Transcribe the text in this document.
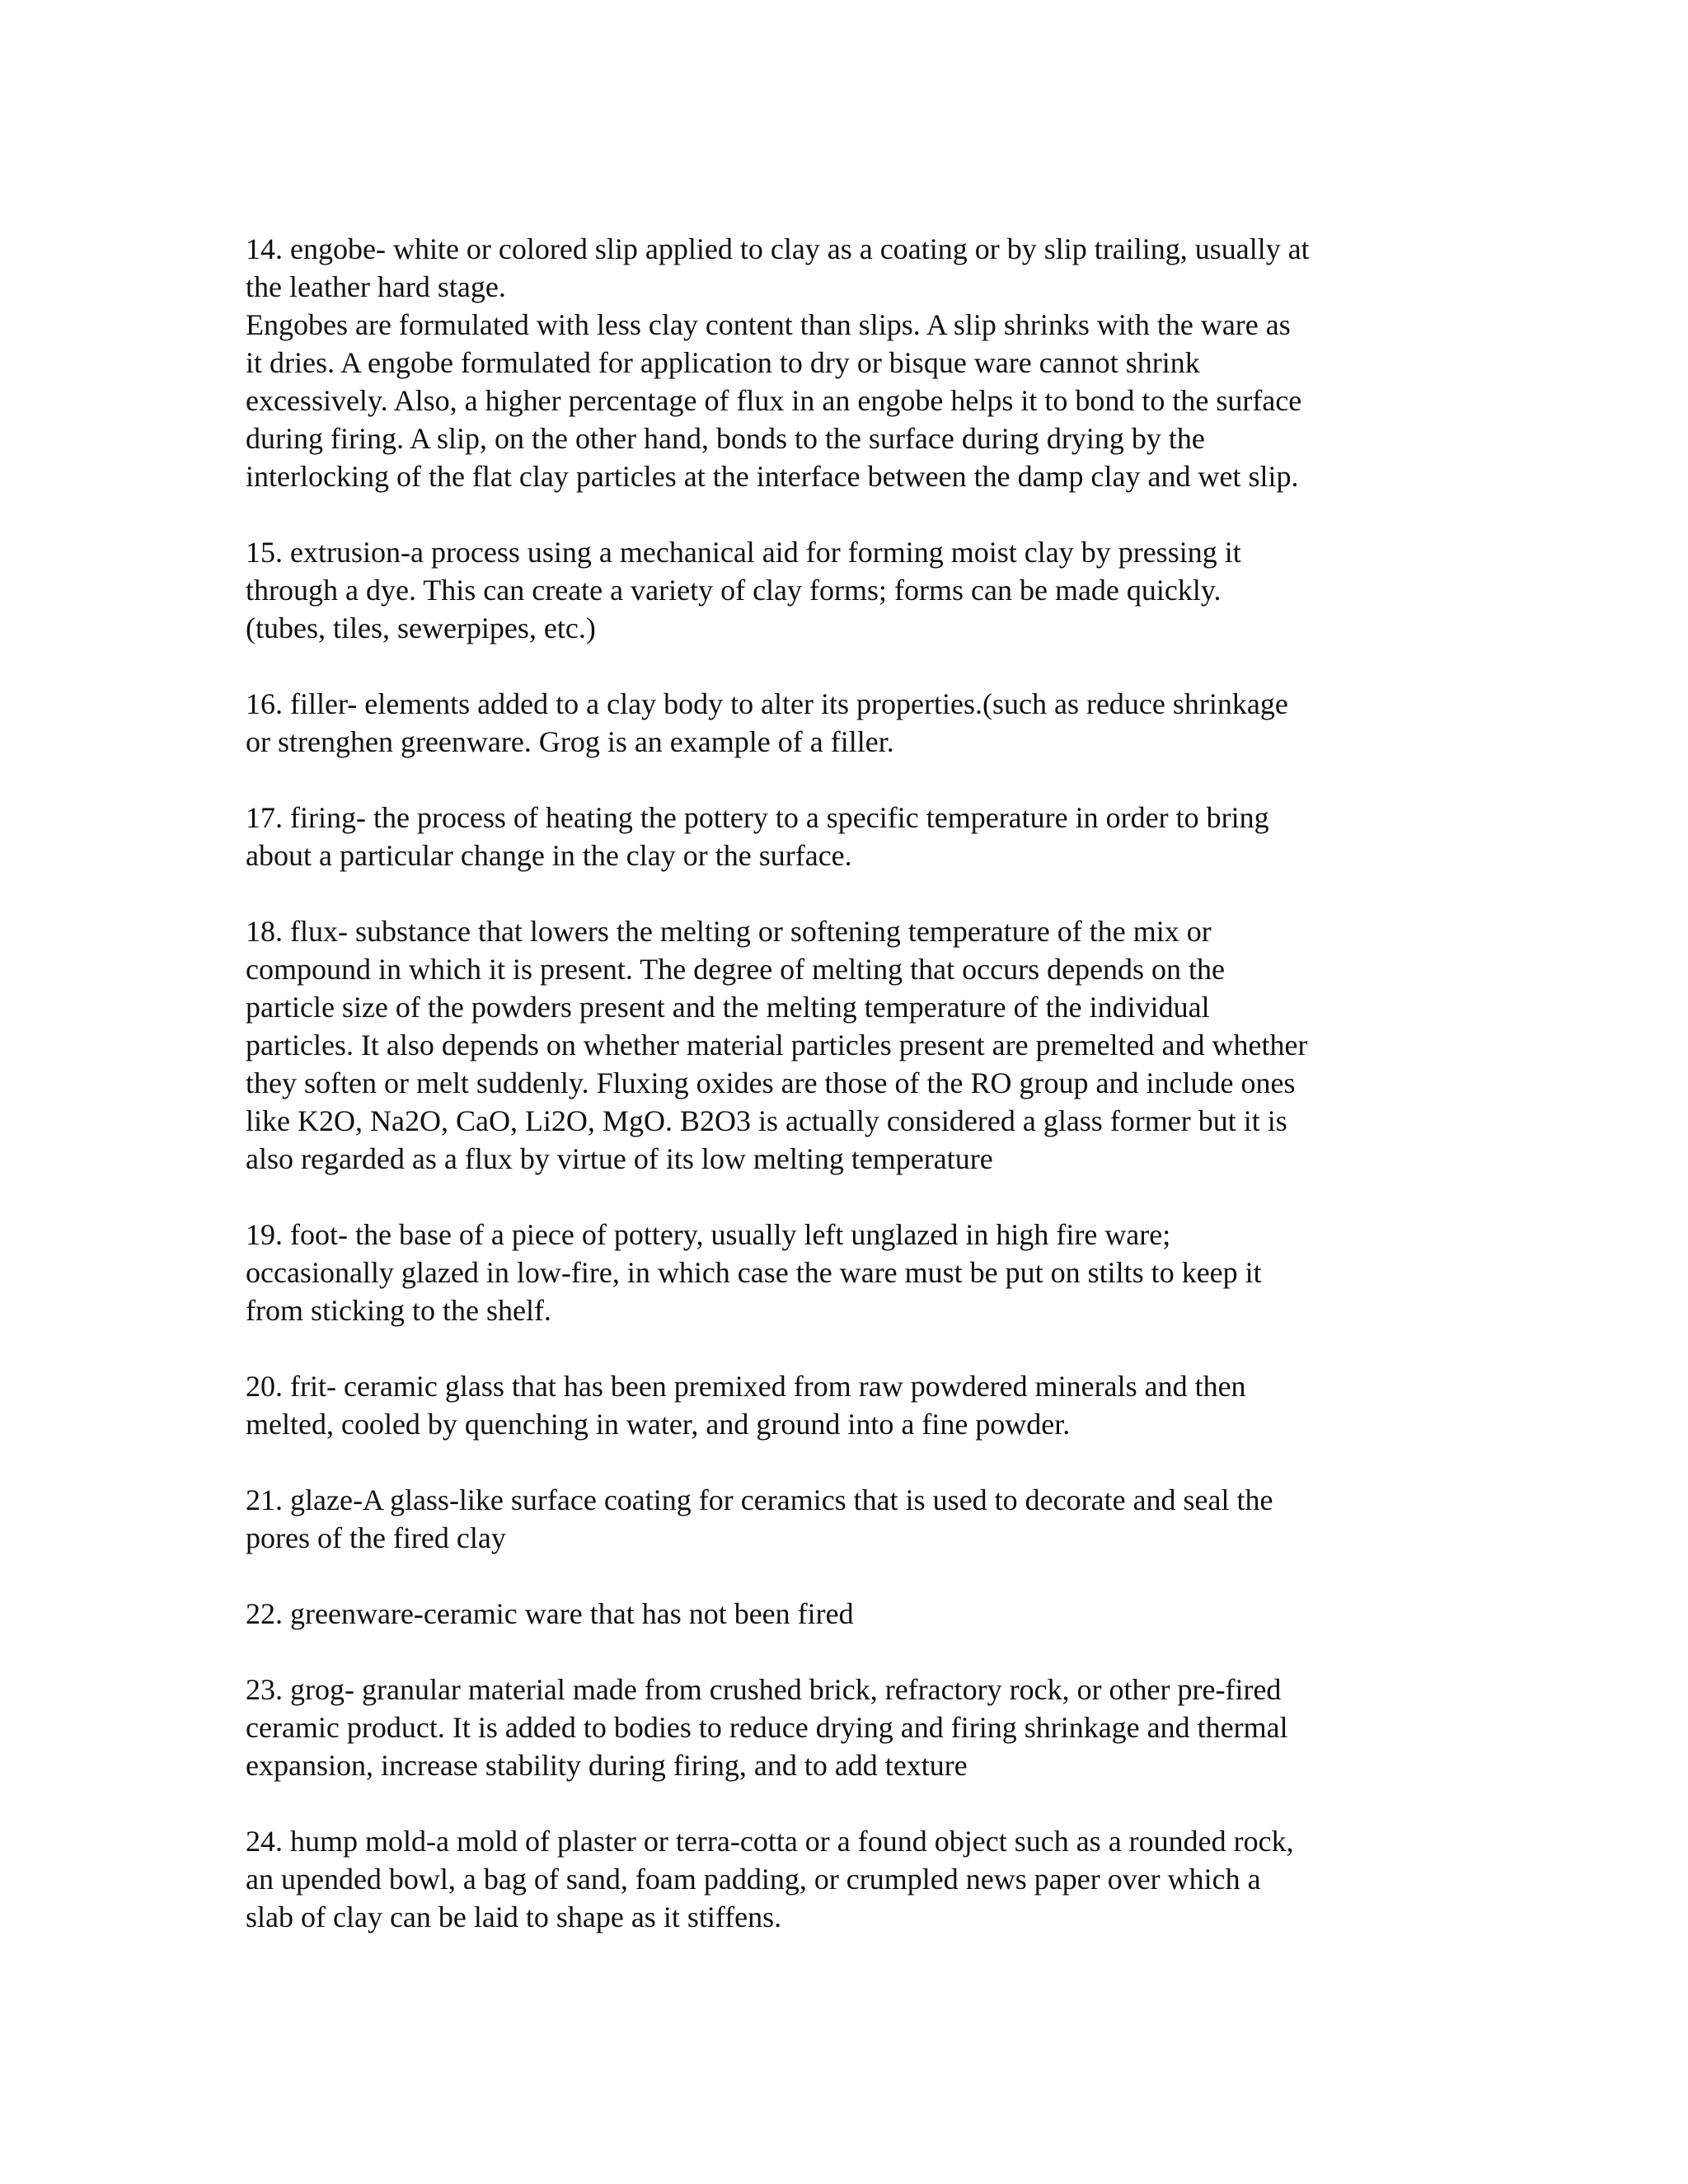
14. engobe- white or colored slip applied to clay as a coating or by slip trailing, usually at
the leather hard stage.
Engobes are formulated with less clay content than slips. A slip shrinks with the ware as
it dries. A engobe formulated for application to dry or bisque ware cannot shrink
excessively. Also, a higher percentage of flux in an engobe helps it to bond to the surface
during firing. A slip, on the other hand, bonds to the surface during drying by the
interlocking of the flat clay particles at the interface between the damp clay and wet slip.
15. extrusion-a process using a mechanical aid for forming moist clay by pressing it
through a dye. This can create a variety of clay forms; forms can be made quickly.
(tubes, tiles, sewerpipes, etc.)
16. filler- elements added to a clay body to alter its properties.(such as reduce shrinkage
or strenghen greenware. Grog is an example of a filler.
17. firing- the process of heating the pottery to a specific temperature in order to bring
about a particular change in the clay or the surface.
18. flux- substance that lowers the melting or softening temperature of the mix or
compound in which it is present. The degree of melting that occurs depends on the
particle size of the powders present and the melting temperature of the individual
particles. It also depends on whether material particles present are premelted and whether
they soften or melt suddenly. Fluxing oxides are those of the RO group and include ones
like K2O, Na2O, CaO, Li2O, MgO. B2O3 is actually considered a glass former but it is
also regarded as a flux by virtue of its low melting temperature
19. foot- the base of a piece of pottery, usually left unglazed in high fire ware;
occasionally glazed in low-fire, in which case the ware must be put on stilts to keep it
from sticking to the shelf.
20. frit- ceramic glass that has been premixed from raw powdered minerals and then
melted, cooled by quenching in water, and ground into a fine powder.
21. glaze-A glass-like surface coating for ceramics that is used to decorate and seal the
pores of the fired clay
22. greenware-ceramic ware that has not been fired
23. grog- granular material made from crushed brick, refractory rock, or other pre-fired
ceramic product. It is added to bodies to reduce drying and firing shrinkage and thermal
expansion, increase stability during firing, and to add texture
24. hump mold-a mold of plaster or terra-cotta or a found object such as a rounded rock,
an upended bowl, a bag of sand, foam padding, or crumpled news paper over which a
slab of clay can be laid to shape as it stiffens.
